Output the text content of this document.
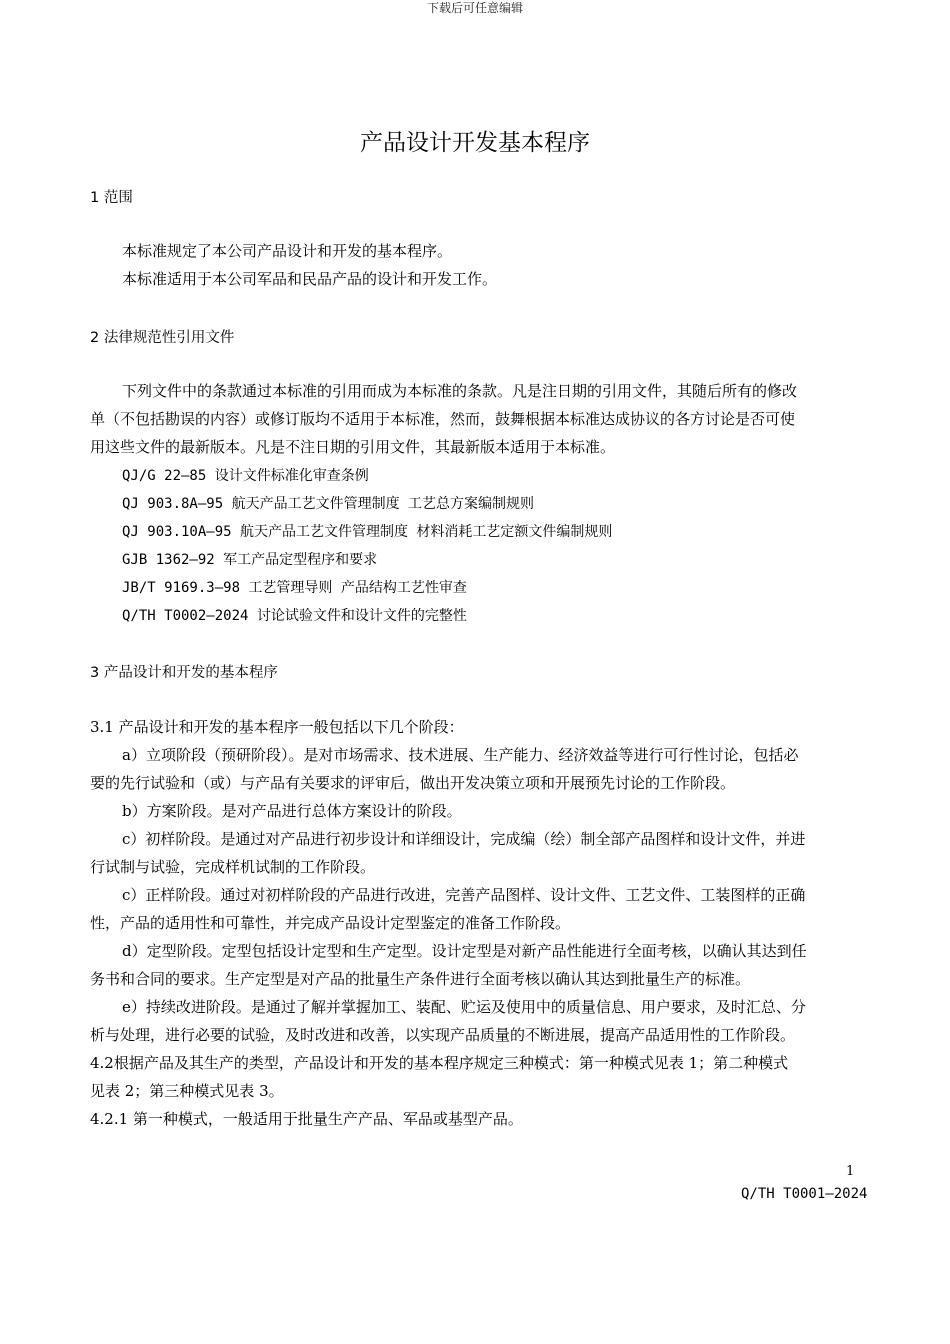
下载后可任意编辑
产品设计开发基本程序
1 范围
本标准规定了本公司产品设计和开发的基本程序。
本标准适用于本公司军品和民品产品的设计和开发工作。
2 法律规范性引用文件
下列文件中的条款通过本标准的引用而成为本标准的条款。凡是注日期的引用文件，其随后所有的修改
单（不包括勘误的内容）或修订版均不适用于本标准，然而，鼓舞根据本标准达成协议的各方讨论是否可使
用这些文件的最新版本。凡是不注日期的引用文件，其最新版本适用于本标准。
QJ/G 22—85 设计文件标准化审查条例
QJ 903.8A—95 航天产品工艺文件管理制度 工艺总方案编制规则
QJ 903.10A—95 航天产品工艺文件管理制度 材料消耗工艺定额文件编制规则
GJB 1362—92 军工产品定型程序和要求
JB/T 9169.3—98 工艺管理导则 产品结构工艺性审查
Q/TH T0002—2024 讨论试验文件和设计文件的完整性
3 产品设计和开发的基本程序
3.1 产品设计和开发的基本程序一般包括以下几个阶段：
a）立项阶段（预研阶段）。是对市场需求、技术进展、生产能力、经济效益等进行可行性讨论，包括必
要的先行试验和（或）与产品有关要求的评审后，做出开发决策立项和开展预先讨论的工作阶段。
b）方案阶段。是对产品进行总体方案设计的阶段。
c）初样阶段。是通过对产品进行初步设计和详细设计，完成编（绘）制全部产品图样和设计文件，并进
行试制与试验，完成样机试制的工作阶段。
c）正样阶段。通过对初样阶段的产品进行改进，完善产品图样、设计文件、工艺文件、工装图样的正确
性，产品的适用性和可靠性，并完成产品设计定型鉴定的准备工作阶段。
d）定型阶段。定型包括设计定型和生产定型。设计定型是对新产品性能进行全面考核，以确认其达到任
务书和合同的要求。生产定型是对产品的批量生产条件进行全面考核以确认其达到批量生产的标准。
e）持续改进阶段。是通过了解并掌握加工、装配、贮运及使用中的质量信息、用户要求，及时汇总、分
析与处理，进行必要的试验，及时改进和改善，以实现产品质量的不断进展，提高产品适用性的工作阶段。
4.2根据产品及其生产的类型，产品设计和开发的基本程序规定三种模式：第一种模式见表 1；第二种模式
见表 2；第三种模式见表 3。
4.2.1 第一种模式，一般适用于批量生产产品、军品或基型产品。
1
Q/TH T0001—2024
